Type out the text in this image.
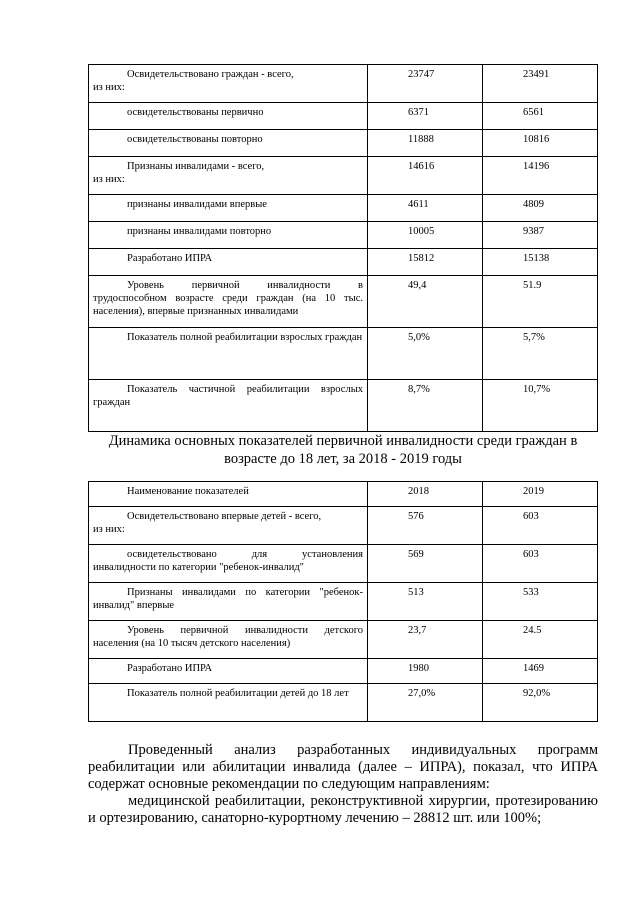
Освидетельствовано граждан - всего,
из них:	23747	23491
освидетельствованы первично	6371	6561
освидетельствованы повторно	11888	10816
Признаны инвалидами - всего,
из них:	14616	14196
признаны инвалидами впервые	4611	4809
признаны инвалидами повторно	10005	9387
Разработано ИПРА	15812	15138
Уровень первичной инвалидности в трудоспособном возрасте среди граждан (на 10 тыс. населения), впервые признанных инвалидами	49,4	51.9
Показатель полной реабилитации взрослых граждан	5,0%	5,7%
Показатель частичной реабилитации взрослых граждан	8,7%	10,7%
Динамика основных показателей первичной инвалидности среди граждан в возрасте до 18 лет, за 2018 - 2019 годы
Наименование показателей	2018	2019
Освидетельствовано впервые детей - всего,
из них:	576	603
освидетельствовано для установления инвалидности по категории "ребенок-инвалид"	569	603
Признаны инвалидами по категории "ребенок-инвалид" впервые	513	533
Уровень первичной инвалидности детского населения (на 10 тысяч детского населения)	23,7	24.5
Разработано ИПРА	1980	1469
Показатель полной реабилитации детей до 18 лет	27,0%	92,0%
Проведенный анализ разработанных индивидуальных программ реабилитации или абилитации инвалида (далее – ИПРА), показал, что ИПРА содержат основные рекомендации по следующим направлениям:
медицинской реабилитации, реконструктивной хирургии, протезированию и ортезированию, санаторно-курортному лечению – 28812 шт. или 100%;
